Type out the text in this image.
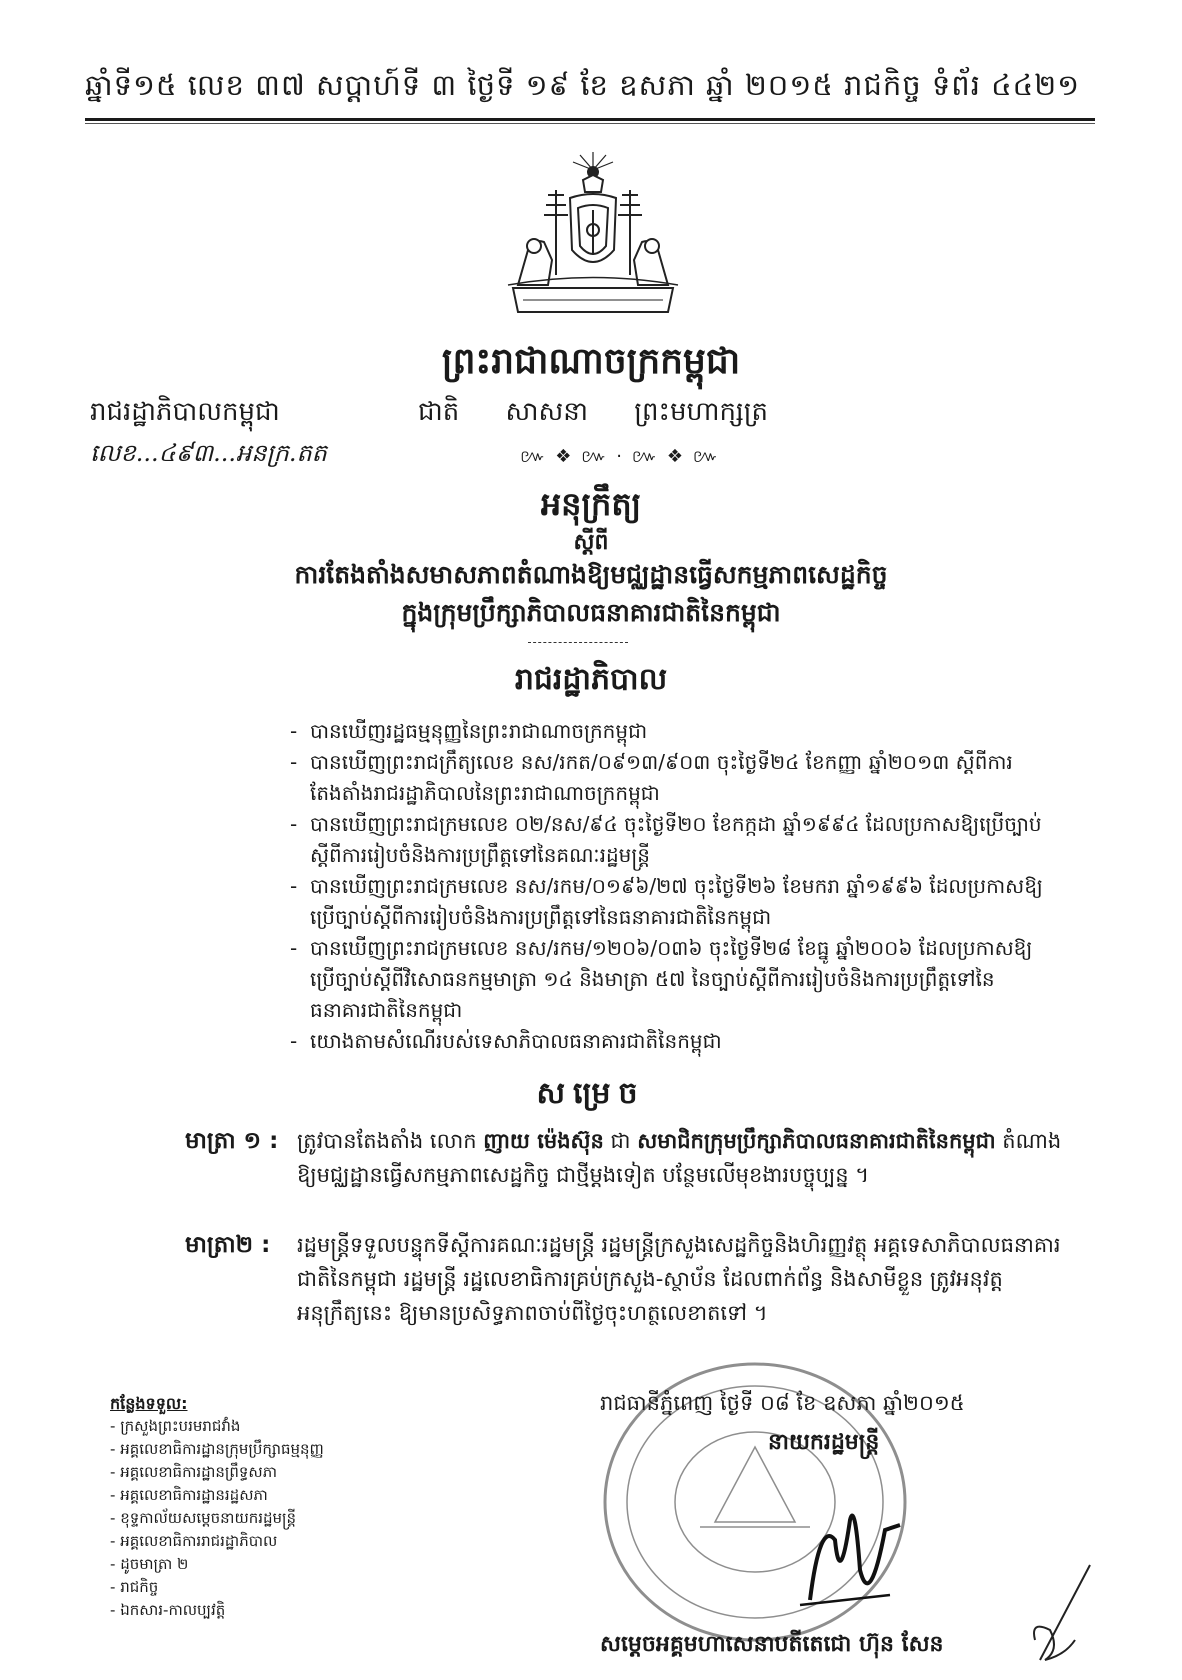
ឆ្នាំទី១៥ លេខ ៣៧ សប្ដាហ៍ទី ៣ ថ្ងៃទី ១៩ ខែ ឧសភា ឆ្នាំ ២០១៥ រាជកិច្ច ទំព័រ ៤៤២១
ព្រះរាជាណាចក្រកម្ពុជា
រាជរដ្ឋាភិបាលកម្ពុជា	ជាតិ សាសនា ព្រះមហាក្សត្រ
លេខ...៤៩៣...អនក្រ.តត	៚ ❖ ៚ · ៚ ❖ ៚
អនុក្រឹត្យ
ស្ដីពី
ការតែងតាំងសមាសភាពតំណាងឱ្យមជ្ឈដ្ឋានធ្វើសកម្មភាពសេដ្ឋកិច្ច
ក្នុងក្រុមប្រឹក្សាភិបាលធនាគារជាតិនៃកម្ពុជា
រាជរដ្ឋាភិបាល
- បានឃើញរដ្ឋធម្មនុញ្ញនៃព្រះរាជាណាចក្រកម្ពុជា
- បានឃើញព្រះរាជក្រឹត្យលេខ នស/រកត/០៩១៣/៩០៣ ចុះថ្ងៃទី២៤ ខែកញ្ញា ឆ្នាំ២០១៣ ស្ដីពីការតែងតាំងរាជរដ្ឋាភិបាលនៃព្រះរាជាណាចក្រកម្ពុជា
- បានឃើញព្រះរាជក្រមលេខ ០២/នស/៩៤ ចុះថ្ងៃទី២០ ខែកក្កដា ឆ្នាំ១៩៩៤ ដែលប្រកាសឱ្យប្រើច្បាប់ស្ដីពីការរៀបចំនិងការប្រព្រឹត្តទៅនៃគណៈរដ្ឋមន្ត្រី
- បានឃើញព្រះរាជក្រមលេខ នស/រកម/០១៩៦/២៧ ចុះថ្ងៃទី២៦ ខែមករា ឆ្នាំ១៩៩៦ ដែលប្រកាសឱ្យប្រើច្បាប់ស្ដីពីការរៀបចំនិងការប្រព្រឹត្តទៅនៃធនាគារជាតិនៃកម្ពុជា
- បានឃើញព្រះរាជក្រមលេខ នស/រកម/១២០៦/០៣៦ ចុះថ្ងៃទី២៨ ខែធ្នូ ឆ្នាំ២០០៦ ដែលប្រកាសឱ្យប្រើច្បាប់ស្ដីពីវិសោធនកម្មមាត្រា ១៤ និងមាត្រា ៥៧ នៃច្បាប់ស្ដីពីការរៀបចំនិងការប្រព្រឹត្តទៅនៃធនាគារជាតិនៃកម្ពុជា
- យោងតាមសំណើរបស់ទេសាភិបាលធនាគារជាតិនៃកម្ពុជា
សម្រេច
មាត្រា ១ : ត្រូវបានតែងតាំង លោក ញាយ ម៉េងស៊ុន ជា សមាជិកក្រុមប្រឹក្សាភិបាលធនាគារជាតិនៃកម្ពុជា តំណាងឱ្យមជ្ឈដ្ឋានធ្វើសកម្មភាពសេដ្ឋកិច្ច ជាថ្មីម្ដងទៀត បន្ថែមលើមុខងារបច្ចុប្បន្ន ។
មាត្រា២ :	រដ្ឋមន្ត្រីទទួលបន្ទុកទីស្ដីការគណៈរដ្ឋមន្ត្រី រដ្ឋមន្ត្រីក្រសួងសេដ្ឋកិច្ចនិងហិរញ្ញវត្ថុ អគ្គទេសាភិបាលធនាគារជាតិនៃកម្ពុជា រដ្ឋមន្ត្រី រដ្ឋលេខាធិការគ្រប់ក្រសួង-ស្ថាប័ន ដែលពាក់ព័ន្ធ និងសាមីខ្លួន ត្រូវអនុវត្តអនុក្រឹត្យនេះ ឱ្យមានប្រសិទ្ធភាពចាប់ពីថ្ងៃចុះហត្ថលេខាតទៅ ។
រាជធានីភ្នំពេញ ថ្ងៃទី ០៨ ខែ ឧសភា ឆ្នាំ២០១៥
នាយករដ្ឋមន្ត្រី
កន្លែងទទួល:
- ក្រសួងព្រះបរមរាជវាំង
- អគ្គលេខាធិការដ្ឋានក្រុមប្រឹក្សាធម្មនុញ្ញ
- អគ្គលេខាធិការដ្ឋានព្រឹទ្ធសភា
- អគ្គលេខាធិការដ្ឋានរដ្ឋសភា
- ខុទ្ទកាល័យសម្ដេចនាយករដ្ឋមន្ត្រី
- អគ្គលេខាធិការរាជរដ្ឋាភិបាល
- ដូចមាត្រា ២
- រាជកិច្ច
- ឯកសារ-កាលប្បវត្តិ
សម្ដេចអគ្គមហាសេនាបតីតេជោ ហ៊ុន សែន
